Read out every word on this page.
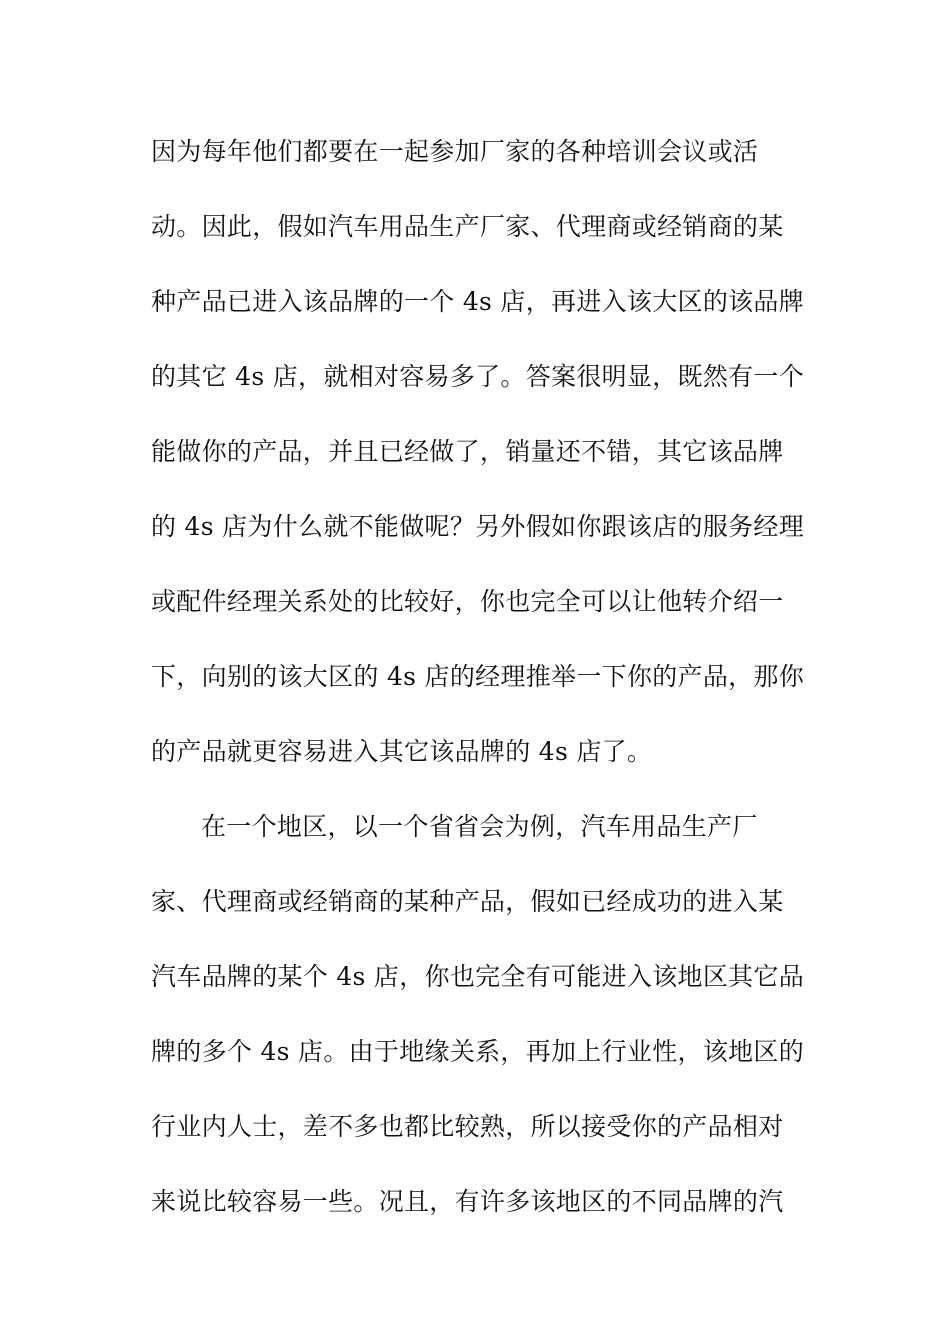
因为每年他们都要在一起参加厂家的各种培训会议或活
动。因此，假如汽车用品生产厂家、代理商或经销商的某
种产品已进入该品牌的一个 4s 店，再进入该大区的该品牌
的其它 4s 店，就相对容易多了。答案很明显，既然有一个
能做你的产品，并且已经做了，销量还不错，其它该品牌
的 4s 店为什么就不能做呢？另外假如你跟该店的服务经理
或配件经理关系处的比较好，你也完全可以让他转介绍一
下，向别的该大区的 4s 店的经理推举一下你的产品，那你
的产品就更容易进入其它该品牌的 4s 店了。
在一个地区，以一个省省会为例，汽车用品生产厂
家、代理商或经销商的某种产品，假如已经成功的进入某
汽车品牌的某个 4s 店，你也完全有可能进入该地区其它品
牌的多个 4s 店。由于地缘关系，再加上行业性，该地区的
行业内人士，差不多也都比较熟，所以接受你的产品相对
来说比较容易一些。况且，有许多该地区的不同品牌的汽
